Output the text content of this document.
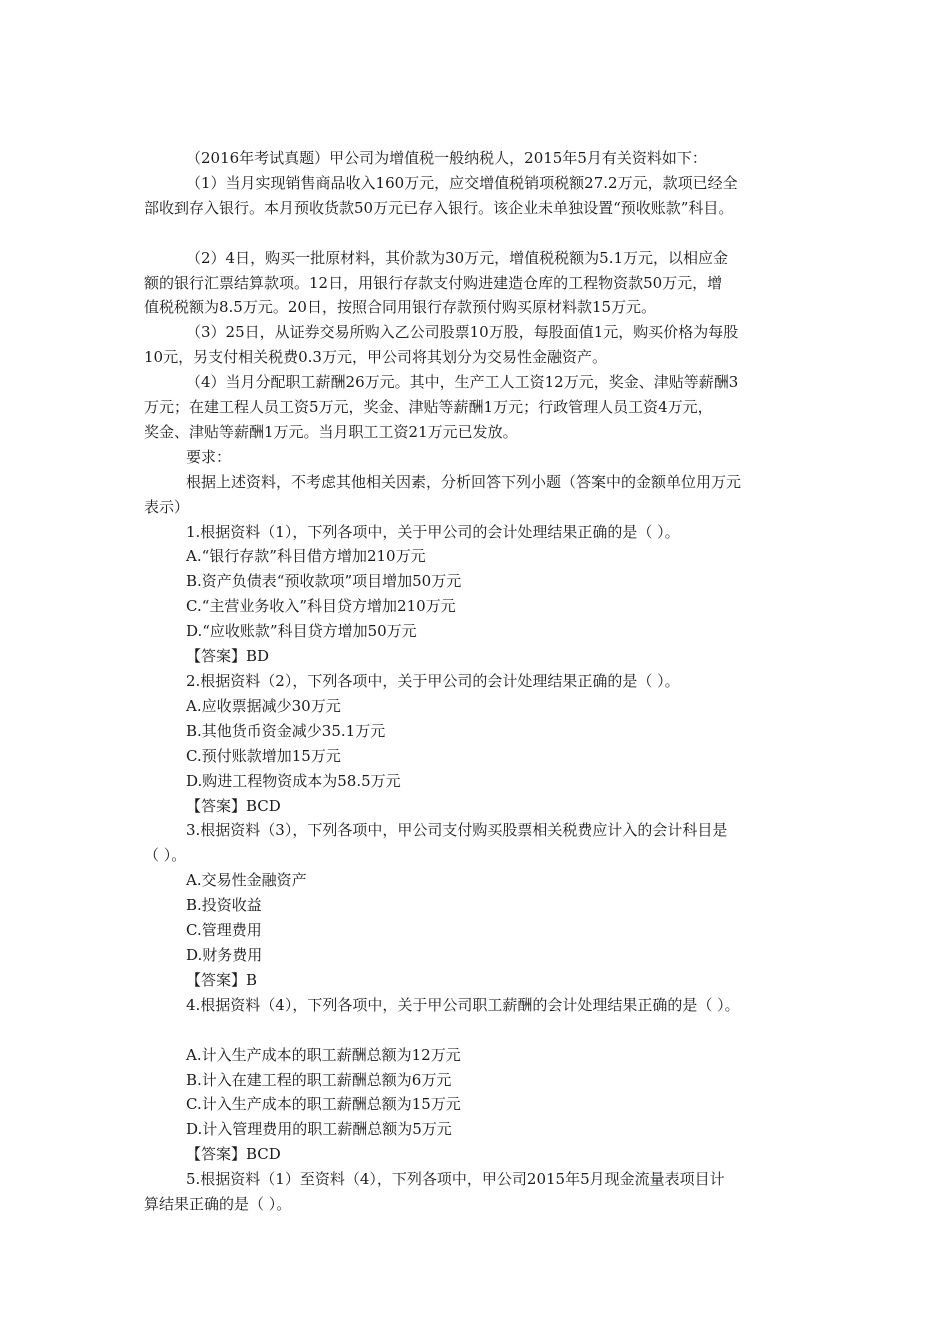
（2016年考试真题）甲公司为增值税一般纳税人，2015年5月有关资料如下：
（1）当月实现销售商品收入160万元，应交增值税销项税额27.2万元，款项已经全
部收到存入银行。本月预收货款50万元已存入银行。该企业未单独设置“预收账款”科目。
（2）4日，购买一批原材料，其价款为30万元，增值税税额为5.1万元，以相应金
额的银行汇票结算款项。12日，用银行存款支付购进建造仓库的工程物资款50万元，增
值税税额为8.5万元。20日，按照合同用银行存款预付购买原材料款15万元。
（3）25日，从证券交易所购入乙公司股票10万股，每股面值1元，购买价格为每股
10元，另支付相关税费0.3万元，甲公司将其划分为交易性金融资产。
（4）当月分配职工薪酬26万元。其中，生产工人工资12万元，奖金、津贴等薪酬3
万元；在建工程人员工资5万元，奖金、津贴等薪酬1万元；行政管理人员工资4万元，
奖金、津贴等薪酬1万元。当月职工工资21万元已发放。
要求：
根据上述资料，不考虑其他相关因素，分析回答下列小题（答案中的金额单位用万元
表示）
1.根据资料（1），下列各项中，关于甲公司的会计处理结果正确的是（ ）。
A.“银行存款”科目借方增加210万元
B.资产负债表“预收款项”项目增加50万元
C.“主营业务收入”科目贷方增加210万元
D.“应收账款”科目贷方增加50万元
【答案】BD
2.根据资料（2），下列各项中，关于甲公司的会计处理结果正确的是（ ）。
A.应收票据减少30万元
B.其他货币资金减少35.1万元
C.预付账款增加15万元
D.购进工程物资成本为58.5万元
【答案】BCD
3.根据资料（3），下列各项中，甲公司支付购买股票相关税费应计入的会计科目是
（ ）。
A.交易性金融资产
B.投资收益
C.管理费用
D.财务费用
【答案】B
4.根据资料（4），下列各项中，关于甲公司职工薪酬的会计处理结果正确的是（ ）。
A.计入生产成本的职工薪酬总额为12万元
B.计入在建工程的职工薪酬总额为6万元
C.计入生产成本的职工薪酬总额为15万元
D.计入管理费用的职工薪酬总额为5万元
【答案】BCD
5.根据资料（1）至资料（4），下列各项中，甲公司2015年5月现金流量表项目计
算结果正确的是（ ）。
